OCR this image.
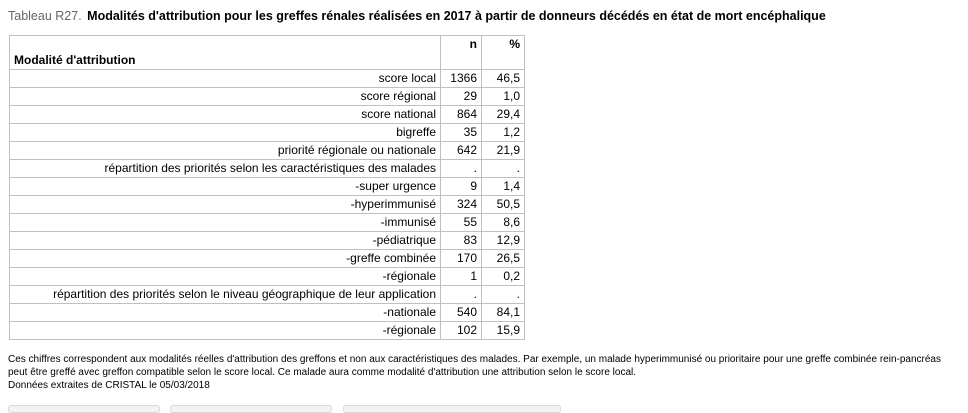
Tableau R27. Modalités d'attribution pour les greffes rénales réalisées en 2017 à partir de donneurs décédés en état de mort encéphalique
Modalité d'attribution	n	%
score local	1366	46,5
score régional	29	1,0
score national	864	29,4
bigreffe	35	1,2
priorité régionale ou nationale	642	21,9
répartition des priorités selon les caractéristiques des malades	.	.
-super urgence	9	1,4
-hyperimmunisé	324	50,5
-immunisé	55	8,6
-pédiatrique	83	12,9
-greffe combinée	170	26,5
-régionale	1	0,2
répartition des priorités selon le niveau géographique de leur application	.	.
-nationale	540	84,1
-régionale	102	15,9
Ces chiffres correspondent aux modalités réelles d'attribution des greffons et non aux caractéristiques des malades. Par exemple, un malade hyperimmunisé ou prioritaire pour une greffe combinée rein-pancréas peut être greffé avec greffon compatible selon le score local. Ce malade aura comme modalité d'attribution une attribution selon le score local.
Données extraites de CRISTAL le 05/03/2018
